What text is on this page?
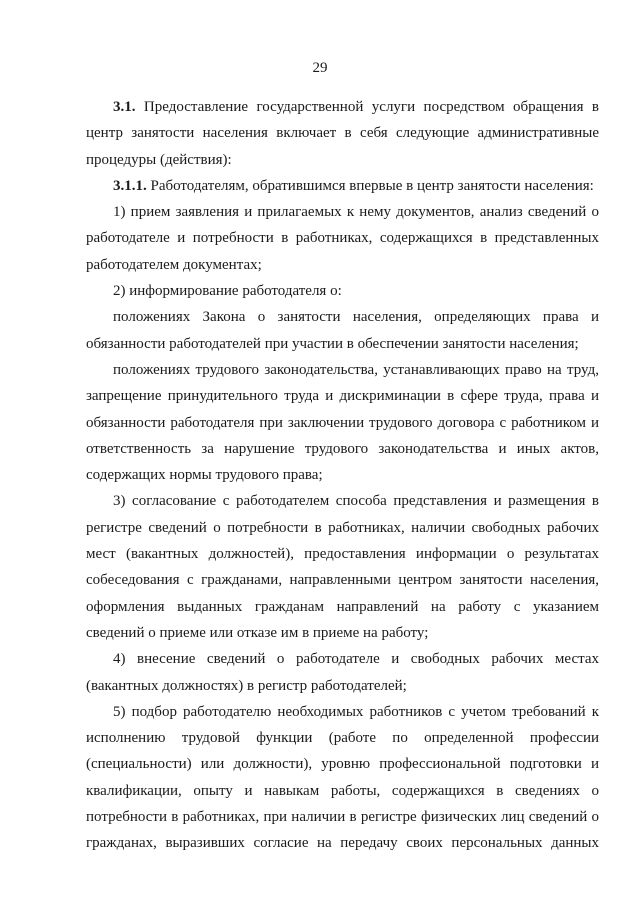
29

3.1. Предоставление государственной услуги посредством обращения в центр занятости населения включает в себя следующие административные процедуры (действия):

3.1.1. Работодателям, обратившимся впервые в центр занятости населения:

1) прием заявления и прилагаемых к нему документов, анализ сведений о работодателе и потребности в работниках, содержащихся в представленных работодателем документах;

2) информирование работодателя о:

положениях Закона о занятости населения, определяющих права и обязанности работодателей при участии в обеспечении занятости населения;

положениях трудового законодательства, устанавливающих право на труд, запрещение принудительного труда и дискриминации в сфере труда, права и обязанности работодателя при заключении трудового договора с работником и ответственность за нарушение трудового законодательства и иных актов, содержащих нормы трудового права;

3) согласование с работодателем способа представления и размещения в регистре сведений о потребности в работниках, наличии свободных рабочих мест (вакантных должностей), предоставления информации о результатах собеседования с гражданами, направленными центром занятости населения, оформления выданных гражданам направлений на работу с указанием сведений о приеме или отказе им в приеме на работу;

4) внесение сведений о работодателе и свободных рабочих местах (вакантных должностях) в регистр работодателей;

5) подбор работодателю необходимых работников с учетом требований к исполнению трудовой функции (работе по определенной профессии (специальности) или должности), уровню профессиональной подготовки и квалификации, опыту и навыкам работы, содержащихся в сведениях о потребности в работниках, при наличии в регистре физических лиц сведений о гражданах, выразивших согласие на передачу своих персональных данных
